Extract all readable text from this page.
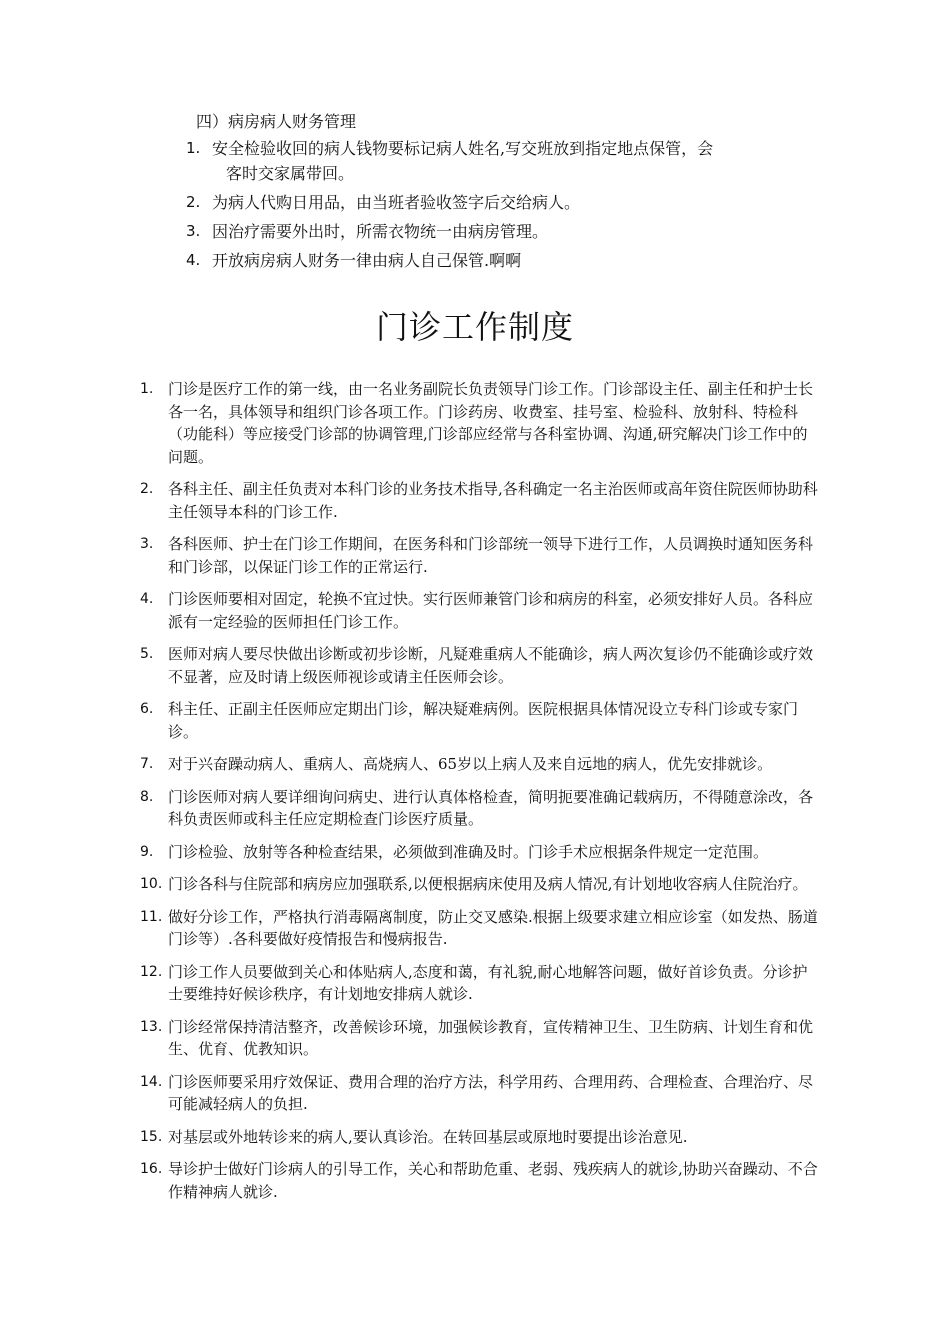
四）病房病人财务管理
1. 安全检验收回的病人钱物要标记病人姓名,写交班放到指定地点保管，会
客时交家属带回。
2. 为病人代购日用品，由当班者验收签字后交给病人。
3. 因治疗需要外出时，所需衣物统一由病房管理。
4. 开放病房病人财务一律由病人自己保管.啊啊
门诊工作制度
1. 门诊是医疗工作的第一线，由一名业务副院长负责领导门诊工作。门诊部设主任、副主任和护士长各一名，具体领导和组织门诊各项工作。门诊药房、收费室、挂号室、检验科、放射科、特检科（功能科）等应接受门诊部的协调管理,门诊部应经常与各科室协调、沟通,研究解决门诊工作中的问题。
2. 各科主任、副主任负责对本科门诊的业务技术指导,各科确定一名主治医师或高年资住院医师协助科主任领导本科的门诊工作.
3. 各科医师、护士在门诊工作期间，在医务科和门诊部统一领导下进行工作，人员调换时通知医务科和门诊部，以保证门诊工作的正常运行.
4. 门诊医师要相对固定，轮换不宜过快。实行医师兼管门诊和病房的科室，必须安排好人员。各科应派有一定经验的医师担任门诊工作。
5. 医师对病人要尽快做出诊断或初步诊断，凡疑难重病人不能确诊，病人两次复诊仍不能确诊或疗效不显著，应及时请上级医师视诊或请主任医师会诊。
6. 科主任、正副主任医师应定期出门诊，解决疑难病例。医院根据具体情况设立专科门诊或专家门诊。
7. 对于兴奋躁动病人、重病人、高烧病人、65岁以上病人及来自远地的病人，优先安排就诊。
8. 门诊医师对病人要详细询问病史、进行认真体格检查，简明扼要准确记载病历，不得随意涂改，各科负责医师或科主任应定期检查门诊医疗质量。
9. 门诊检验、放射等各种检查结果，必须做到准确及时。门诊手术应根据条件规定一定范围。
10. 门诊各科与住院部和病房应加强联系,以便根据病床使用及病人情况,有计划地收容病人住院治疗。
11. 做好分诊工作，严格执行消毒隔离制度，防止交叉感染.根据上级要求建立相应诊室（如发热、肠道门诊等）.各科要做好疫情报告和慢病报告.
12. 门诊工作人员要做到关心和体贴病人,态度和蔼，有礼貌,耐心地解答问题，做好首诊负责。分诊护士要维持好候诊秩序，有计划地安排病人就诊.
13. 门诊经常保持清洁整齐，改善候诊环境，加强候诊教育，宣传精神卫生、卫生防病、计划生育和优生、优育、优教知识。
14. 门诊医师要采用疗效保证、费用合理的治疗方法，科学用药、合理用药、合理检查、合理治疗、尽可能减轻病人的负担.
15. 对基层或外地转诊来的病人,要认真诊治。在转回基层或原地时要提出诊治意见.
16. 导诊护士做好门诊病人的引导工作，关心和帮助危重、老弱、残疾病人的就诊,协助兴奋躁动、不合作精神病人就诊.
